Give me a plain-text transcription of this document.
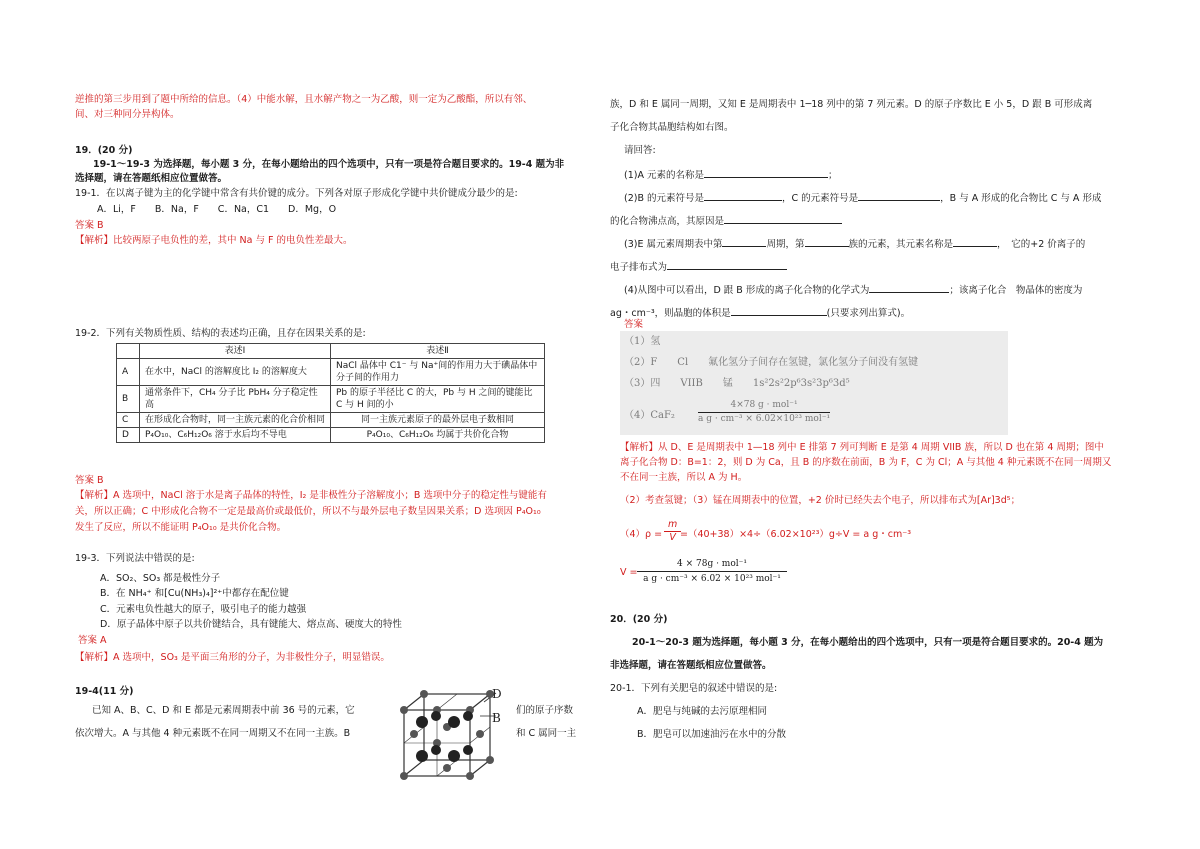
逆推的第三步用到了题中所给的信息。（4）中能水解，且水解产物之一为乙酸，则一定为乙酸酯，所以有邻、
间、对三种同分异构体。
19．(20 分)
19-1～19-3 为选择题，每小题 3 分，在每小题给出的四个选项中，只有一项是符合题目要求的。19-4 题为非
选择题，请在答题纸相应位置做答。
19-1．在以离子键为主的化学键中常含有共价键的成分。下列各对原子形成化学键中共价键成分最少的是:
A．Li，F　　B．Na，F　　C．Na，C1　　D．Mg，O
答案 B
【解析】比较两原子电负性的差，其中 Na 与 F 的电负性差最大。
19-2．下列有关物质性质、结构的表述均正确，且存在因果关系的是:
	表述Ⅰ	表述Ⅱ
A	在水中，NaCl 的溶解度比 I₂ 的溶解度大	NaCl 晶体中 C1⁻ 与 Na⁺间的作用力大于碘晶体中分子间的作用力
B	通常条件下，CH₄ 分子比 PbH₄ 分子稳定性高	Pb 的原子半径比 C 的大，Pb 与 H 之间的键能比 C 与 H 间的小
C	在形成化合物时，同一主族元素的化合价相同	同一主族元素原子的最外层电子数相同
D	P₄O₁₀、C₆H₁₂O₆ 溶于水后均不导电	P₄O₁₀、C₆H₁₂O₆ 均属于共价化合物
答案 B
【解析】A 选项中，NaCl 溶于水是离子晶体的特性，I₂ 是非极性分子溶解度小；B 选项中分子的稳定性与键能有
关，所以正确；C 中形成化合物不一定是最高价或最低价，所以不与最外层电子数呈因果关系；D 选项因 P₄O₁₀
发生了反应，所以不能证明 P₄O₁₀ 是共价化合物。
19-3．下列说法中错误的是:
A．SO₂、SO₃ 都是极性分子
B．在 NH₄⁺ 和[Cu(NH₃)₄]²⁺中都存在配位键
C．元素电负性越大的原子，吸引电子的能力越强
D．原子晶体中原子以共价键结合，具有键能大、熔点高、硬度大的特性
答案 A
【解析】A 选项中，SO₃ 是平面三角形的分子，为非极性分子，明显错误。
19-4(11 分)
已知 A、B、C、D 和 E 都是元素周期表中前 36 号的元素，它	们的原子序数
依次增大。A 与其他 4 种元素既不在同一周期又不在同一主族。B	和 C 属同一主
D
B
族，D 和 E 属同一周期，又知 E 是周期表中 1─18 列中的第 7 列元素。D 的原子序数比 E 小 5，D 跟 B 可形成离
子化合物其晶胞结构如右图。
请回答:
(1)A 元素的名称是	；
(2)B 的元素符号是	，C 的元素符号是	，B 与 A 形成的化合物比 C 与 A 形成
的化合物沸点高，其原因是
(3)E 属元素周期表中第	周期，第	族的元素，其元素名称是	，　它的+2 价离子的
电子排布式为
(4)从图中可以看出，D 跟 B 形成的离子化合物的化学式为	；该离子化合　物晶体的密度为
ag・cm⁻³，则晶胞的体积是	(只要求列出算式)。
答案
（1）氢
（2）F　　Cl　　氟化氢分子间存在氢键，氯化氢分子间没有氢键
（3）四　　VIIB　　锰　　1s²2s²2p⁶3s²3p⁶3d⁵
（4）CaF₂
4×78 g · mol⁻¹
a g · cm⁻³ × 6.02×10²³ mol⁻¹
【解析】从 D、E 是周期表中 1—18 列中 E 排第 7 列可判断 E 是第 4 周期 VIIB 族，所以 D 也在第 4 周期；图中
离子化合物 D：B=1：2，则 D 为 Ca，且 B 的序数在前面，B 为 F，C 为 Cl；A 与其他 4 种元素既不在同一周期又
不在同一主族，所以 A 为 H。
（2）考查氢键；（3）锰在周期表中的位置，+2 价时已经失去个电子，所以排布式为[Ar]3d⁵；
$(4)\rho = \frac{m}{V}$
=（40+38）×4÷（6.02×10²³）g÷V = a g・cm⁻³
V =
4 × 78g · mol⁻¹
a g · cm⁻³ × 6.02 × 10²³ mol⁻¹
20．(20 分)
20-1～20-3 题为选择题，每小题 3 分，在每小题给出的四个选项中，只有一项是符合题目要求的。20-4 题为
非选择题，请在答题纸相应位置做答。
20-1．下列有关肥皂的叙述中错误的是:
A．肥皂与纯碱的去污原理相同
B．肥皂可以加速油污在水中的分散
